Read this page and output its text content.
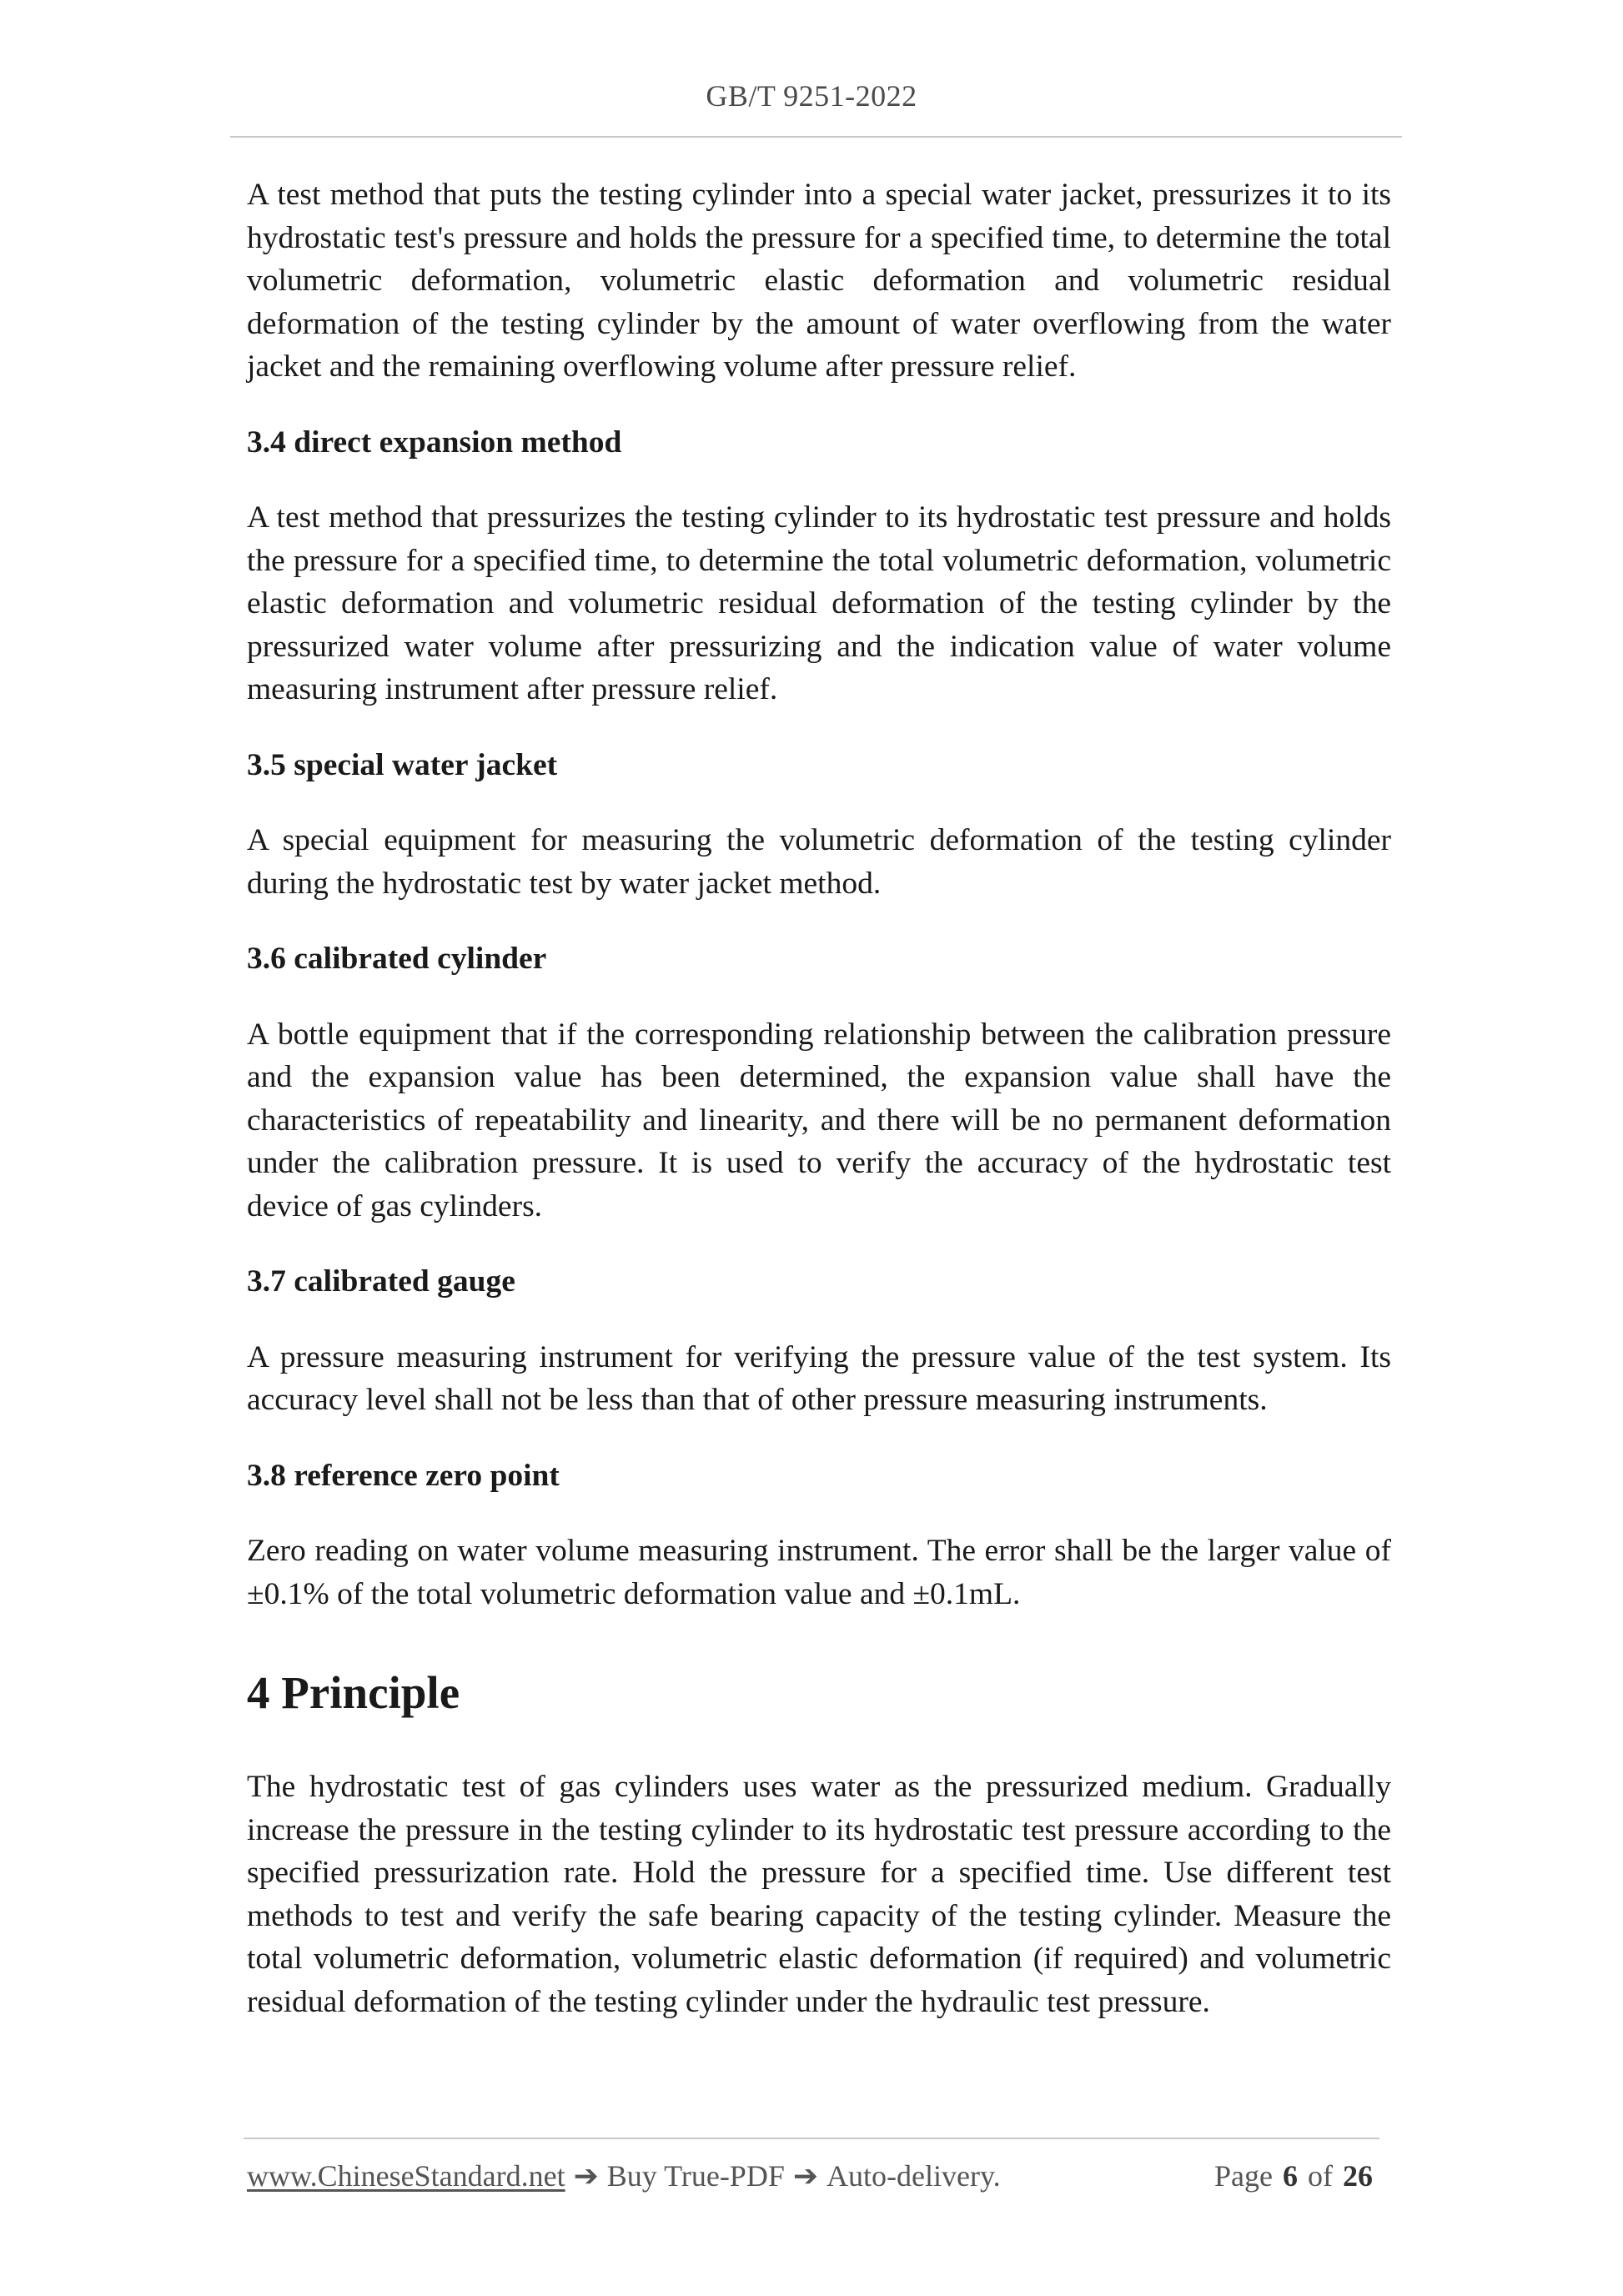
GB/T 9251-2022

A test method that puts the testing cylinder into a special water jacket, pressurizes it to its hydrostatic test's pressure and holds the pressure for a specified time, to determine the total volumetric deformation, volumetric elastic deformation and volumetric residual deformation of the testing cylinder by the amount of water overflowing from the water jacket and the remaining overflowing volume after pressure relief.

3.4 direct expansion method

A test method that pressurizes the testing cylinder to its hydrostatic test pressure and holds the pressure for a specified time, to determine the total volumetric deformation, volumetric elastic deformation and volumetric residual deformation of the testing cylinder by the pressurized water volume after pressurizing and the indication value of water volume measuring instrument after pressure relief.

3.5 special water jacket

A special equipment for measuring the volumetric deformation of the testing cylinder during the hydrostatic test by water jacket method.

3.6 calibrated cylinder

A bottle equipment that if the corresponding relationship between the calibration pressure and the expansion value has been determined, the expansion value shall have the characteristics of repeatability and linearity, and there will be no permanent deformation under the calibration pressure. It is used to verify the accuracy of the hydrostatic test device of gas cylinders.

3.7 calibrated gauge

A pressure measuring instrument for verifying the pressure value of the test system. Its accuracy level shall not be less than that of other pressure measuring instruments.

3.8 reference zero point

Zero reading on water volume measuring instrument. The error shall be the larger value of ±0.1% of the total volumetric deformation value and ±0.1mL.

4 Principle

The hydrostatic test of gas cylinders uses water as the pressurized medium. Gradually increase the pressure in the testing cylinder to its hydrostatic test pressure according to the specified pressurization rate. Hold the pressure for a specified time. Use different test methods to test and verify the safe bearing capacity of the testing cylinder. Measure the total volumetric deformation, volumetric elastic deformation (if required) and volumetric residual deformation of the testing cylinder under the hydraulic test pressure.

www.ChineseStandard.net ➔ Buy True-PDF ➔ Auto-delivery.	Page 6 of 26
